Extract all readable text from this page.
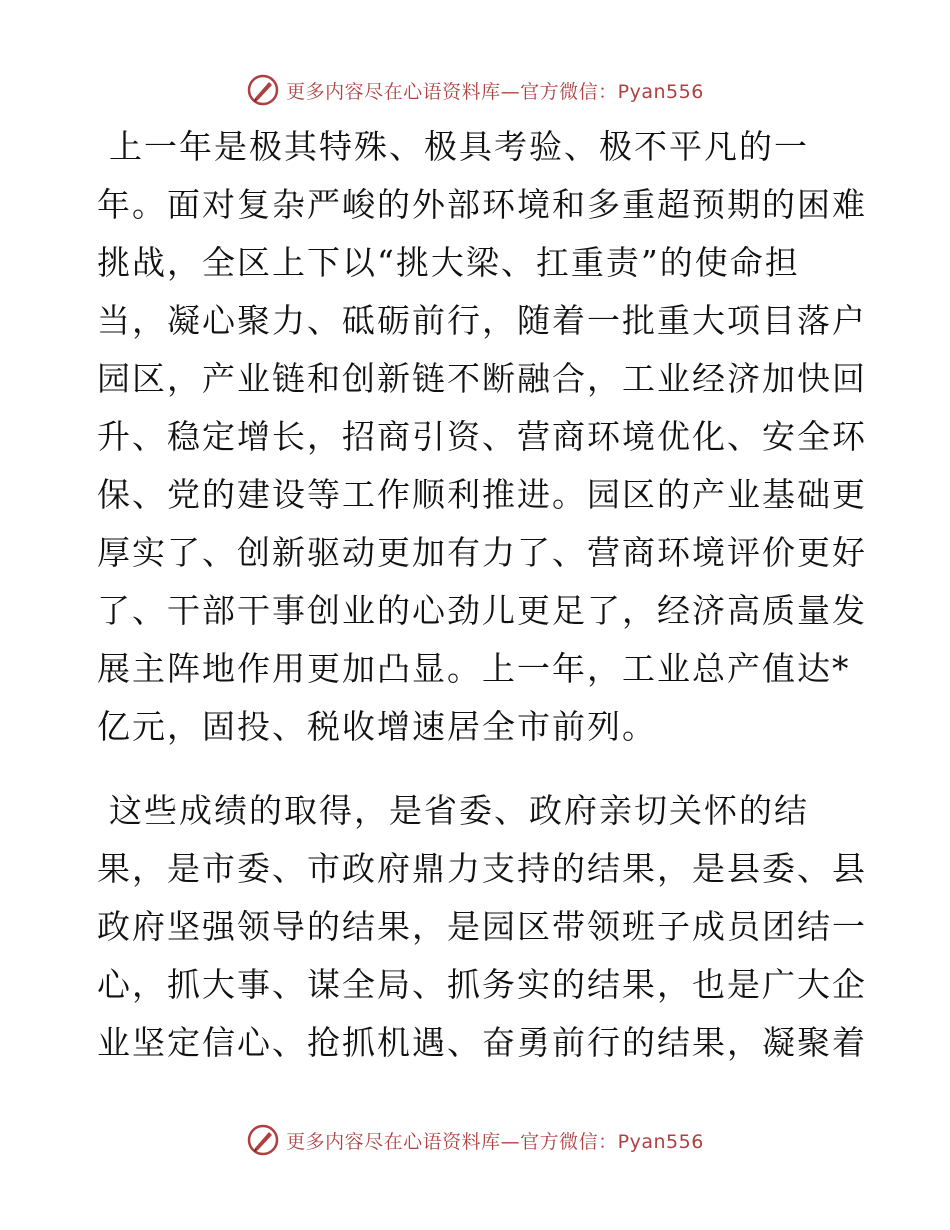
更多内容尽在心语资料库—官方微信：Pyan556

上一年是极其特殊、极具考验、极不平凡的一
年。面对复杂严峻的外部环境和多重超预期的困难
挑战，全区上下以“挑大梁、扛重责”的使命担
当，凝心聚力、砥砺前行，随着一批重大项目落户
园区，产业链和创新链不断融合，工业经济加快回
升、稳定增长，招商引资、营商环境优化、安全环
保、党的建设等工作顺利推进。园区的产业基础更
厚实了、创新驱动更加有力了、营商环境评价更好
了、干部干事创业的心劲儿更足了，经济高质量发
展主阵地作用更加凸显。上一年，工业总产值达*
亿元，固投、税收增速居全市前列。

这些成绩的取得，是省委、政府亲切关怀的结
果，是市委、市政府鼎力支持的结果，是县委、县
政府坚强领导的结果，是园区带领班子成员团结一
心，抓大事、谋全局、抓务实的结果，也是广大企
业坚定信心、抢抓机遇、奋勇前行的结果，凝聚着

更多内容尽在心语资料库—官方微信：Pyan556
